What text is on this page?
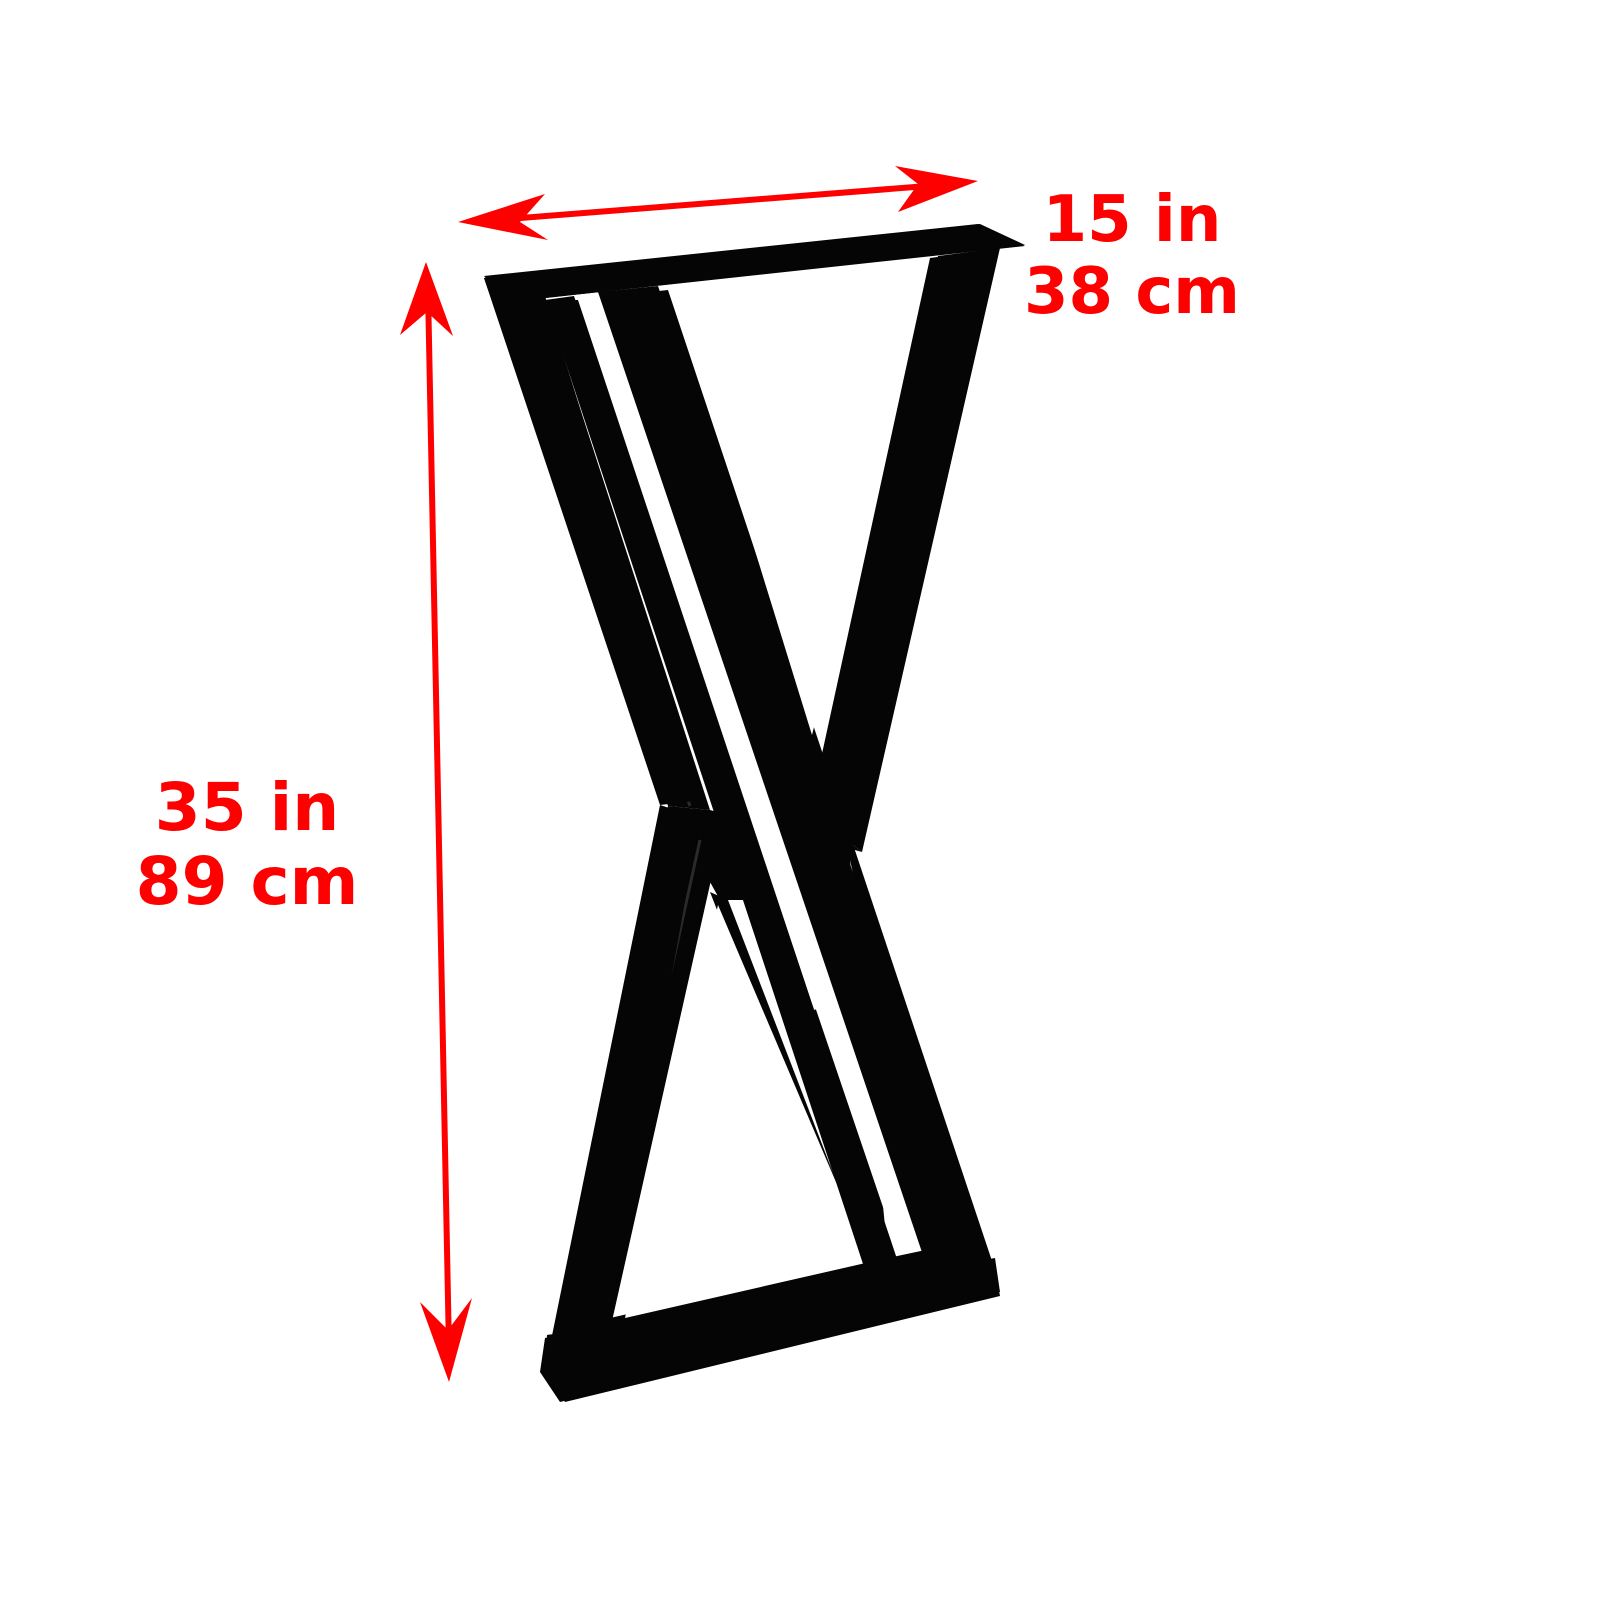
15 in
38 cm
35 in
89 cm
